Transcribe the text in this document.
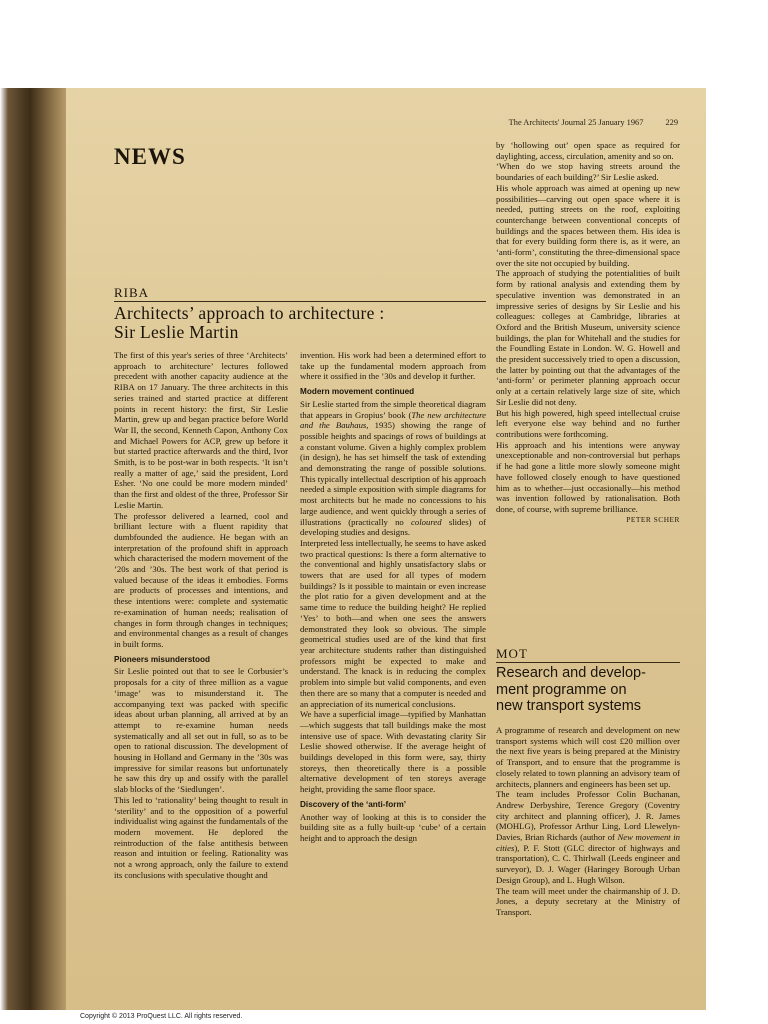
The Architects' Journal 25 January 1967	229
NEWS
RIBA
Architects’ approach to architecture :
Sir Leslie Martin

The first of this year's series of three ‘Architects’ approach to architecture’ lectures followed precedent with another capacity audience at the RIBA on 17 January. The three architects in this series trained and started practice at different points in recent history: the first, Sir Leslie Martin, grew up and began practice before World War II, the second, Kenneth Capon, Anthony Cox and Michael Powers for ACP, grew up before it but started practice afterwards and the third, Ivor Smith, is to be post-war in both respects. ‘It isn’t really a matter of age,’ said the president, Lord Esher. ‘No one could be more modern minded’ than the first and oldest of the three, Professor Sir Leslie Martin.

The professor delivered a learned, cool and brilliant lecture with a fluent rapidity that dumbfounded the audience. He began with an interpretation of the profound shift in approach which characterised the modern movement of the ’20s and ’30s. The best work of that period is valued because of the ideas it embodies. Forms are products of processes and intentions, and these intentions were: complete and systematic re-examination of human needs; realisation of changes in form through changes in techniques; and environmental changes as a result of changes in built forms.

Pioneers misunderstood

Sir Leslie pointed out that to see le Corbusier’s proposals for a city of three million as a vague ‘image’ was to misunderstand it. The accompanying text was packed with specific ideas about urban planning, all arrived at by an attempt to re-examine human needs systematically and all set out in full, so as to be open to rational discussion. The development of housing in Holland and Germany in the ’30s was impressive for similar reasons but unfortunately he saw this dry up and ossify with the parallel slab blocks of the ‘Siedlungen’.

This led to ‘rationality’ being thought to result in ‘sterility’ and to the opposition of a powerful individualist wing against the fundamentals of the modern movement. He deplored the reintroduction of the false antithesis between reason and intuition or feeling. Rationality was not a wrong approach, only the failure to extend its conclusions with speculative thought and

invention. His work had been a determined effort to take up the fundamental modern approach from where it ossified in the ’30s and develop it further.

Modern movement continued

Sir Leslie started from the simple theoretical diagram that appears in Gropius’ book (The new architecture and the Bauhaus, 1935) showing the range of possible heights and spacings of rows of buildings at a constant volume. Given a highly complex problem (in design), he has set himself the task of extending and demonstrating the range of possible solutions. This typically intellectual description of his approach needed a simple exposition with simple diagrams for most architects but he made no concessions to his large audience, and went quickly through a series of illustrations (practically no coloured slides) of developing studies and designs.

Interpreted less intellectually, he seems to have asked two practical questions: Is there a form alternative to the conventional and highly unsatisfactory slabs or towers that are used for all types of modern buildings? Is it possible to maintain or even increase the plot ratio for a given development and at the same time to reduce the building height? He replied ‘Yes’ to both—and when one sees the answers demonstrated they look so obvious. The simple geometrical studies used are of the kind that first year architecture students rather than distinguished professors might be expected to make and understand. The knack is in reducing the complex problem into simple but valid components, and even then there are so many that a computer is needed and an appreciation of its numerical conclusions.

We have a superficial image—typified by Manhattan—which suggests that tall buildings make the most intensive use of space. With devastating clarity Sir Leslie showed otherwise. If the average height of buildings developed in this form were, say, thirty storeys, then theoretically there is a possible alternative development of ten storeys average height, providing the same floor space.

Discovery of the ‘anti-form’

Another way of looking at this is to consider the building site as a fully built-up ‘cube’ of a certain height and to approach the design

by ‘hollowing out’ open space as required for daylighting, access, circulation, amenity and so on.

‘When do we stop having streets around the boundaries of each building?’ Sir Leslie asked.

His whole approach was aimed at opening up new possibilities—carving out open space where it is needed, putting streets on the roof, exploiting counterchange between conventional concepts of buildings and the spaces between them. His idea is that for every building form there is, as it were, an ‘anti-form’, constituting the three-dimensional space over the site not occupied by building.

The approach of studying the potentialities of built form by rational analysis and extending them by speculative invention was demonstrated in an impressive series of designs by Sir Leslie and his colleagues: colleges at Cambridge, libraries at Oxford and the British Museum, university science buildings, the plan for Whitehall and the studies for the Foundling Estate in London. W. G. Howell and the president successively tried to open a discussion, the latter by pointing out that the advantages of the ‘anti-form’ or perimeter planning approach occur only at a certain relatively large size of site, which Sir Leslie did not deny.

But his high powered, high speed intellectual cruise left everyone else way behind and no further contributions were forthcoming.

His approach and his intentions were anyway unexceptionable and non-controversial but perhaps if he had gone a little more slowly someone might have followed closely enough to have questioned him as to whether—just occasionally—his method was invention followed by rationalisation. Both done, of course, with supreme brilliance.

PETER SCHER
MOT
Research and develop-
ment programme on
new transport systems

A programme of research and development on new transport systems which will cost £20 million over the next five years is being prepared at the Ministry of Transport, and to ensure that the programme is closely related to town planning an advisory team of architects, planners and engineers has been set up.

The team includes Professor Colin Buchanan, Andrew Derbyshire, Terence Gregory (Coventry city architect and planning officer), J. R. James (MOHLG), Professor Arthur Ling, Lord Llewelyn-Davies, Brian Richards (author of New movement in cities), P. F. Stott (GLC director of highways and transportation), C. C. Thirlwall (Leeds engineer and surveyor), D. J. Wager (Haringey Borough Urban Design Group), and L. Hugh Wilson.

The team will meet under the chairmanship of J. D. Jones, a deputy secretary at the Ministry of Transport.

Copyright © 2013 ProQuest LLC. All rights reserved.
